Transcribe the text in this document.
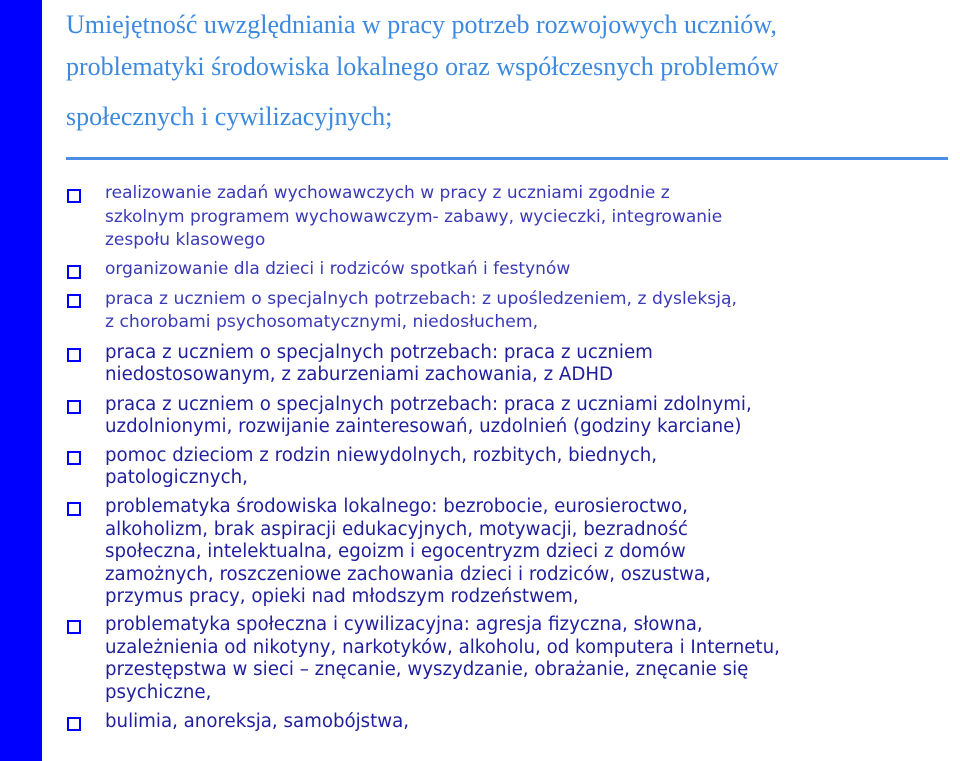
Umiejętność uwzględniania w pracy potrzeb rozwojowych uczniów,
problematyki środowiska lokalnego oraz współczesnych problemów
społecznych i cywilizacyjnych;
realizowanie zadań wychowawczych w pracy z uczniami zgodnie z
szkolnym programem wychowawczym- zabawy, wycieczki, integrowanie
zespołu klasowego
organizowanie dla dzieci i rodziców spotkań i festynów
praca z uczniem o specjalnych potrzebach: z upośledzeniem, z dysleksją,
z chorobami psychosomatycznymi, niedosłuchem,
praca z uczniem o specjalnych potrzebach: praca z uczniem
niedostosowanym, z zaburzeniami zachowania, z ADHD
praca z uczniem o specjalnych potrzebach: praca z uczniami zdolnymi,
uzdolnionymi, rozwijanie zainteresowań, uzdolnień (godziny karciane)
pomoc dzieciom z rodzin niewydolnych, rozbitych, biednych,
patologicznych,
problematyka środowiska lokalnego: bezrobocie, eurosieroctwo,
alkoholizm, brak aspiracji edukacyjnych, motywacji, bezradność
społeczna, intelektualna, egoizm i egocentryzm dzieci z domów
zamożnych, roszczeniowe zachowania dzieci i rodziców, oszustwa,
przymus pracy, opieki nad młodszym rodzeństwem,
problematyka społeczna i cywilizacyjna: agresja fizyczna, słowna,
uzależnienia od nikotyny, narkotyków, alkoholu, od komputera i Internetu,
przestępstwa w sieci – znęcanie, wyszydzanie, obrażanie, znęcanie się
psychiczne,
bulimia, anoreksja, samobójstwa,
